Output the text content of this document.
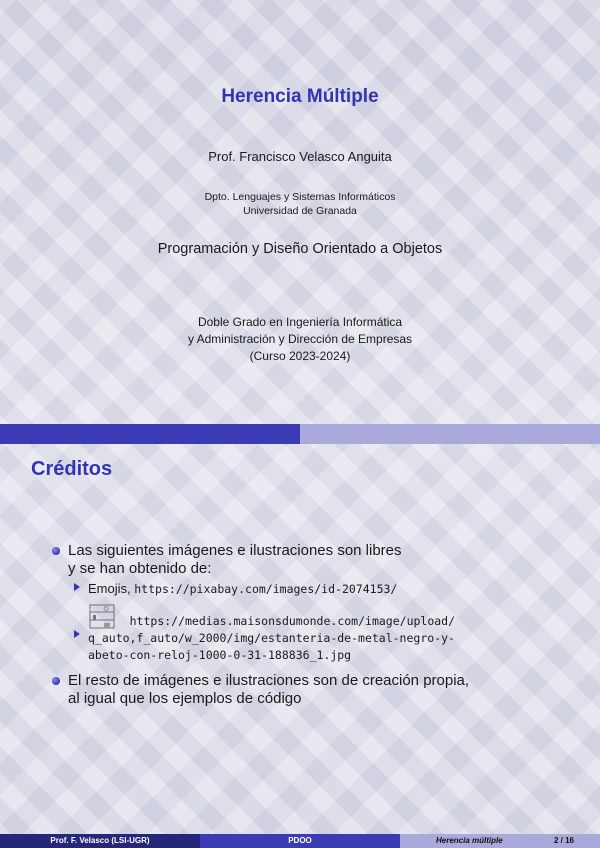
Herencia Múltiple
Prof. Francisco Velasco Anguita
Dpto. Lenguajes y Sistemas Informáticos
Universidad de Granada
Programación y Diseño Orientado a Objetos
Doble Grado en Ingeniería Informática
y Administración y Dirección de Empresas
(Curso 2023-2024)
Créditos
Las siguientes imágenes e ilustraciones son libres
y se han obtenido de:
Emojis, https://pixabay.com/images/id-2074153/
https://medias.maisonsdumonde.com/image/upload/
q_auto,f_auto/w_2000/img/estanteria-de-metal-negro-y-
abeto-con-reloj-1000-0-31-188836_1.jpg
El resto de imágenes e ilustraciones son de creación propia,
al igual que los ejemplos de código
Prof. F. Velasco (LSI-UGR)	PDOO	Herencia múltiple	2 / 16
